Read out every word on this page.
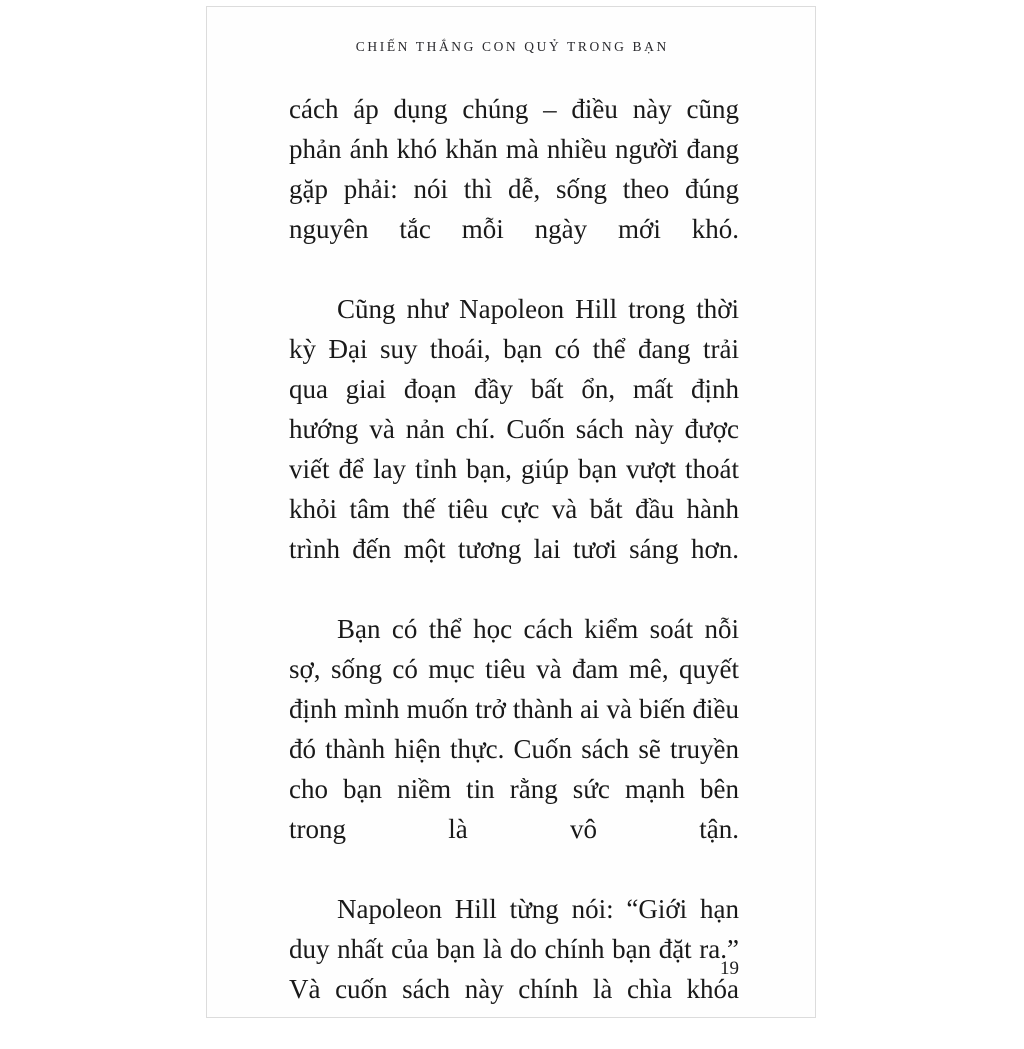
CHIẾN THẮNG CON QUỶ TRONG BẠN

cách áp dụng chúng – điều này cũng phản ánh khó khăn mà nhiều người đang gặp phải: nói thì dễ, sống theo đúng nguyên tắc mỗi ngày mới khó.

Cũng như Napoleon Hill trong thời kỳ Đại suy thoái, bạn có thể đang trải qua giai đoạn đầy bất ổn, mất định hướng và nản chí. Cuốn sách này được viết để lay tỉnh bạn, giúp bạn vượt thoát khỏi tâm thế tiêu cực và bắt đầu hành trình đến một tương lai tươi sáng hơn.

Bạn có thể học cách kiểm soát nỗi sợ, sống có mục tiêu và đam mê, quyết định mình muốn trở thành ai và biến điều đó thành hiện thực. Cuốn sách sẽ truyền cho bạn niềm tin rằng sức mạnh bên trong là vô tận.

Napoleon Hill từng nói: “Giới hạn duy nhất của bạn là do chính bạn đặt ra.” Và cuốn sách này chính là chìa khóa

19
